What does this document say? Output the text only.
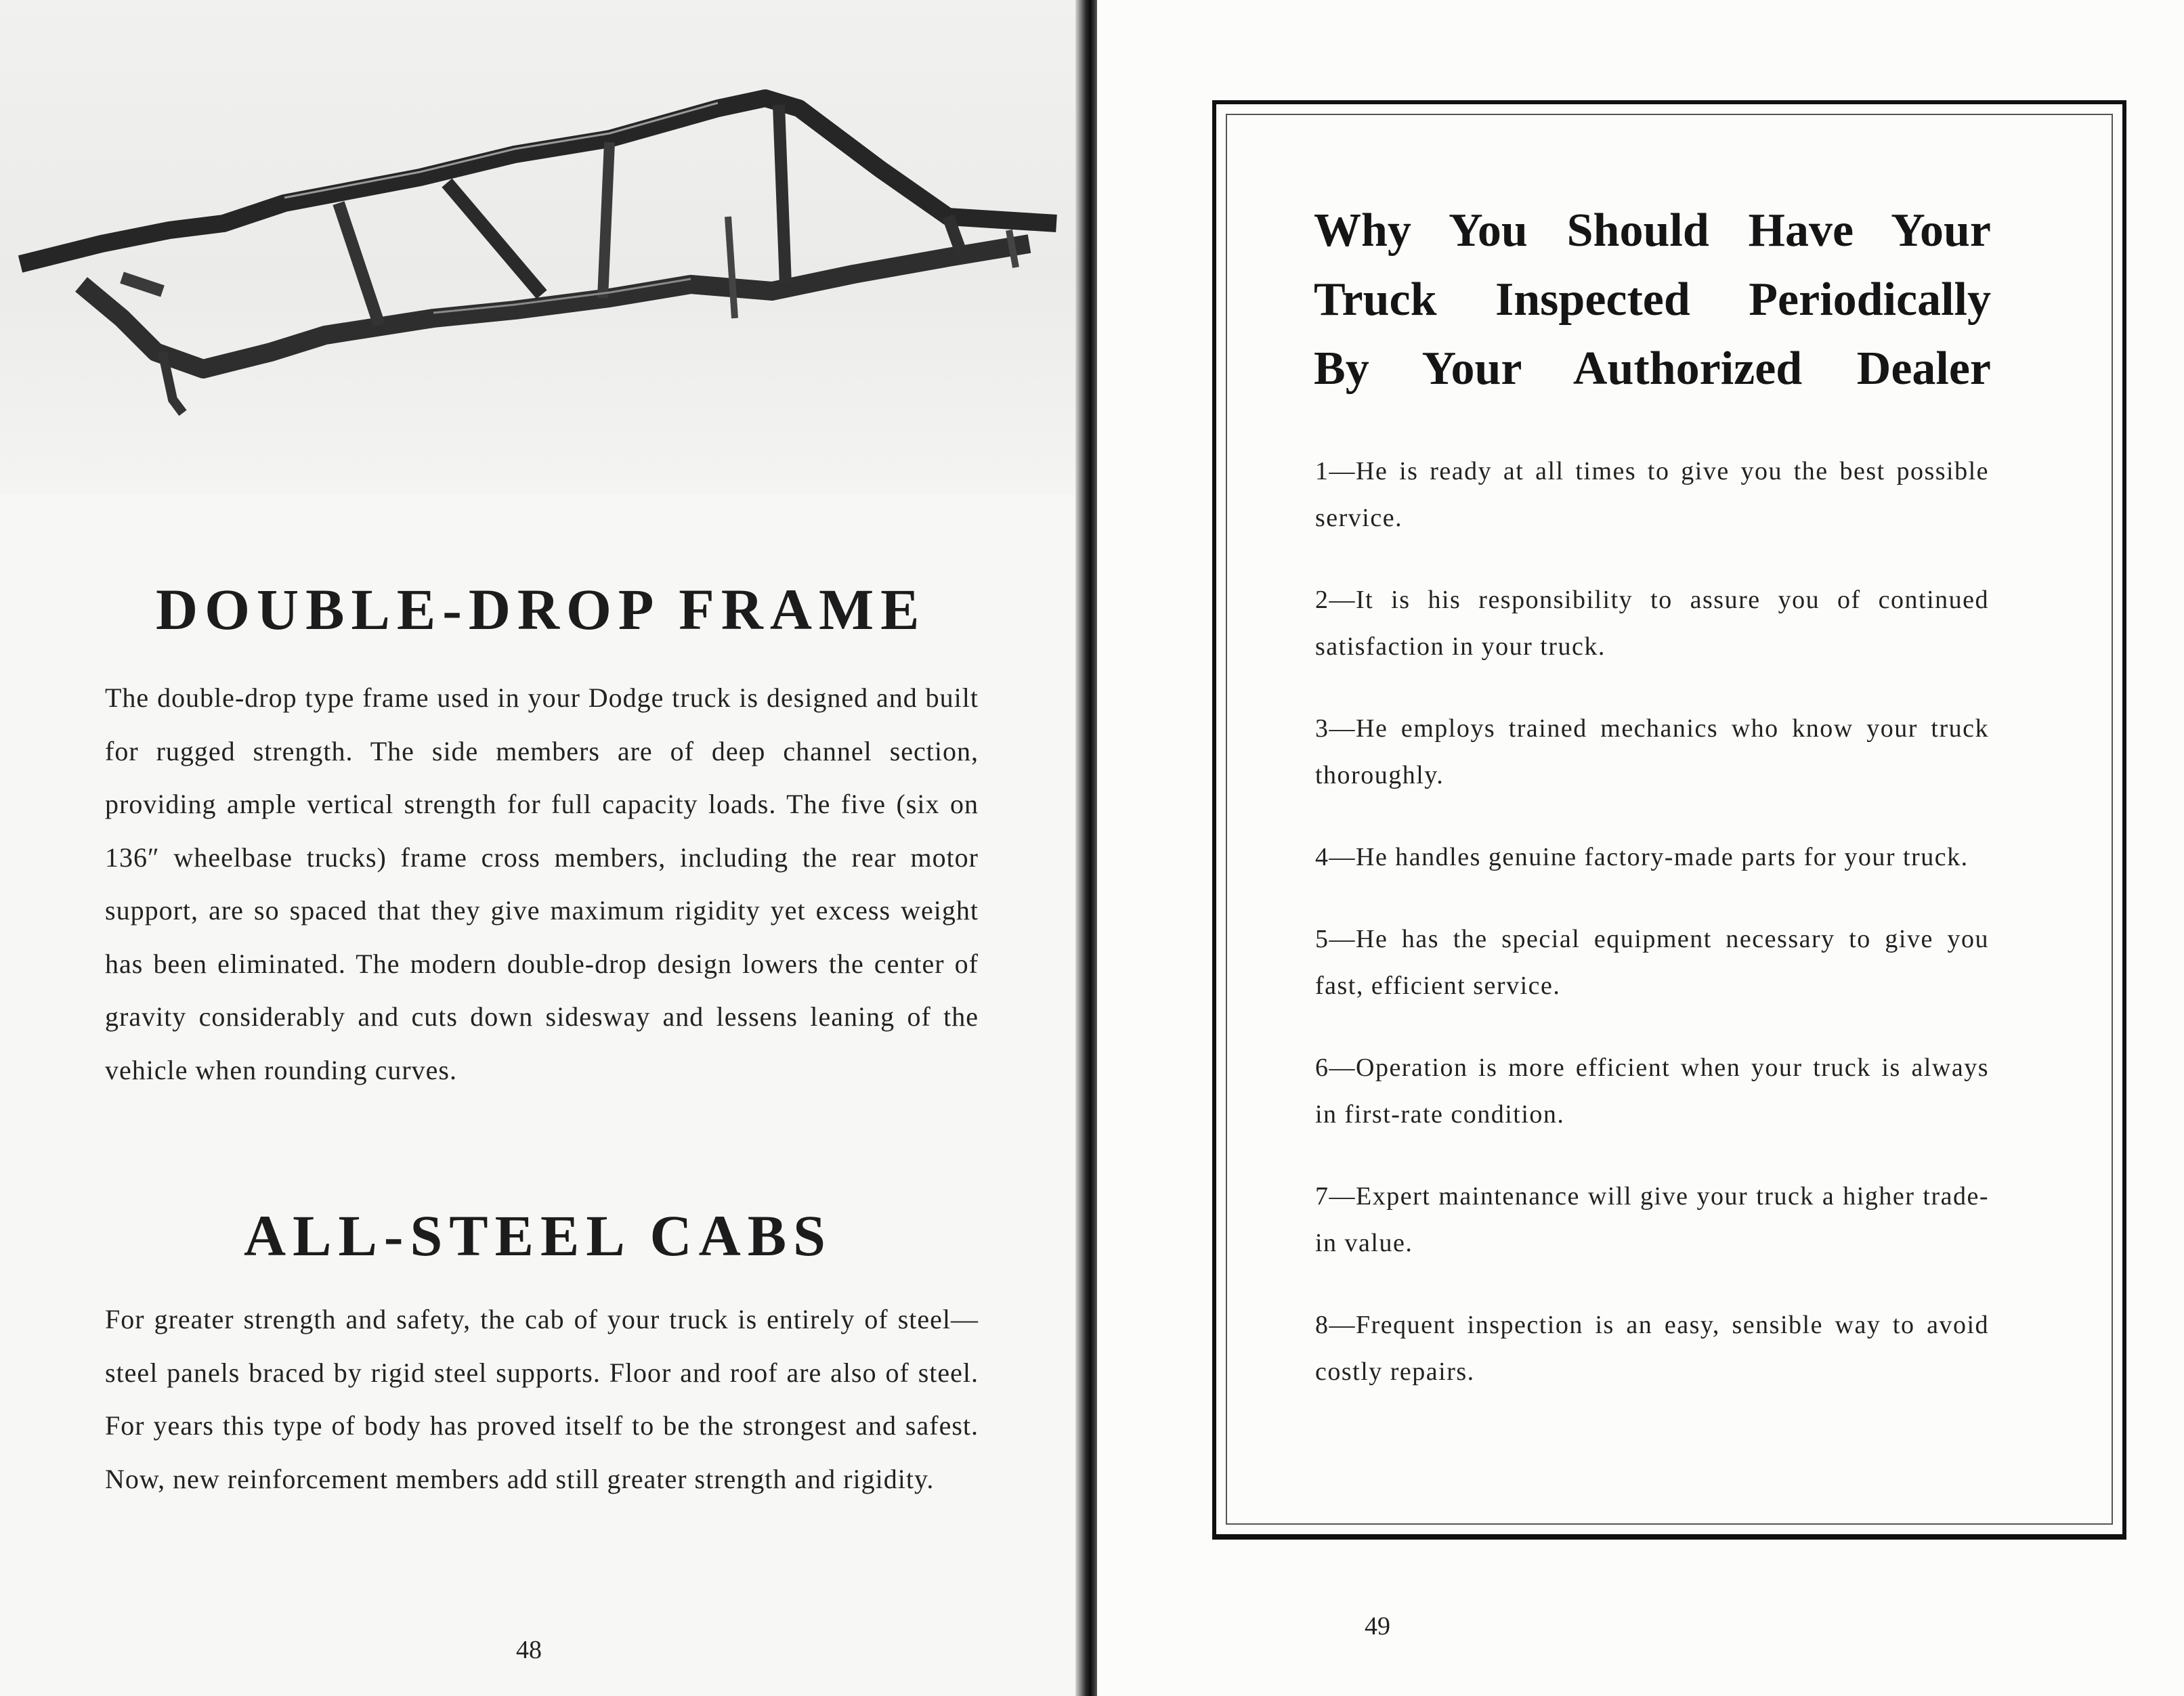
DOUBLE-DROP FRAME

The double-drop type frame used in your Dodge truck is designed and built for rugged strength. The side members are of deep channel section, providing ample vertical strength for full capacity loads. The five (six on 136″ wheelbase trucks) frame cross members, including the rear motor support, are so spaced that they give maximum rigidity yet excess weight has been eliminated. The modern double-drop design lowers the center of gravity considerably and cuts down sidesway and lessens leaning of the vehicle when rounding curves.

ALL-STEEL CABS

For greater strength and safety, the cab of your truck is entirely of steel—steel panels braced by rigid steel supports. Floor and roof are also of steel. For years this type of body has proved itself to be the strongest and safest. Now, new reinforcement members add still greater strength and rigidity.

48

49

Why You Should Have Your
Truck Inspected Periodically
By Your Authorized Dealer
1—He is ready at all times to give you the best possible service.
2—It is his responsibility to assure you of continued satisfaction in your truck.
3—He employs trained mechanics who know your truck thoroughly.
4—He handles genuine factory-made parts for your truck.
5—He has the special equipment necessary to give you fast, efficient service.
6—Operation is more efficient when your truck is always in first-rate condition.
7—Expert maintenance will give your truck a higher trade-in value.
8—Frequent inspection is an easy, sensible way to avoid costly repairs.
